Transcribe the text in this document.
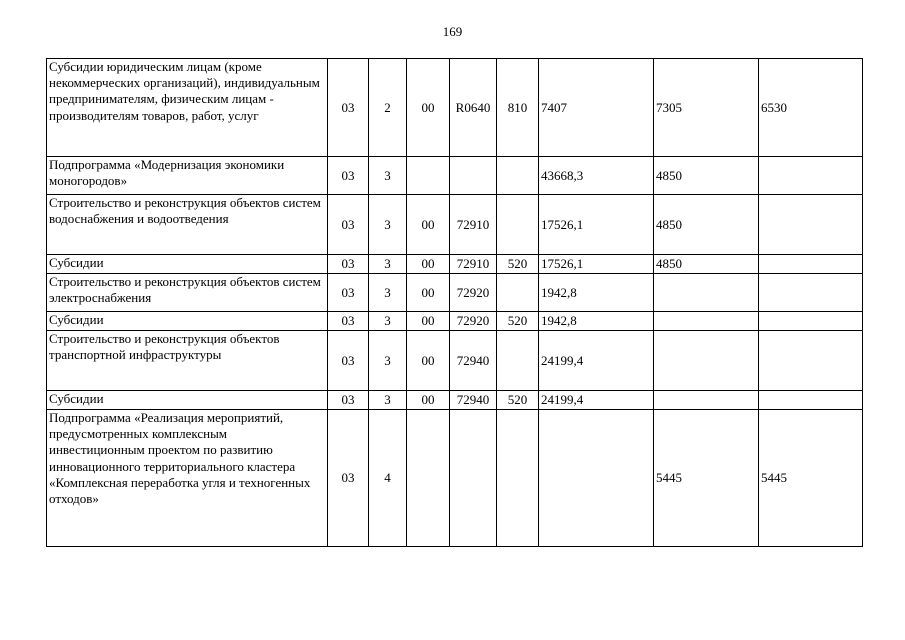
169
Субсидии юридическим лицам (кроме некоммерческих организаций), индивидуальным предпринимателям, физическим лицам - производителям товаров, работ, услуг	03	2	00	R0640	810	7407	7305	6530
Подпрограмма «Модернизация экономики моногородов»	03	3				43668,3	4850	
Строительство и реконструкция объектов систем водоснабжения и водоотведения	03	3	00	72910		17526,1	4850	
Субсидии	03	3	00	72910	520	17526,1	4850	
Строительство и реконструкция объектов систем электроснабжения	03	3	00	72920		1942,8		
Субсидии	03	3	00	72920	520	1942,8		
Строительство и реконструкция объектов транспортной инфраструктуры	03	3	00	72940		24199,4		
Субсидии	03	3	00	72940	520	24199,4		
Подпрограмма «Реализация мероприятий, предусмотренных комплексным инвестиционным проектом по развитию инновационного территориального кластера «Комплексная переработка угля и техногенных отходов»	03	4					5445	5445
